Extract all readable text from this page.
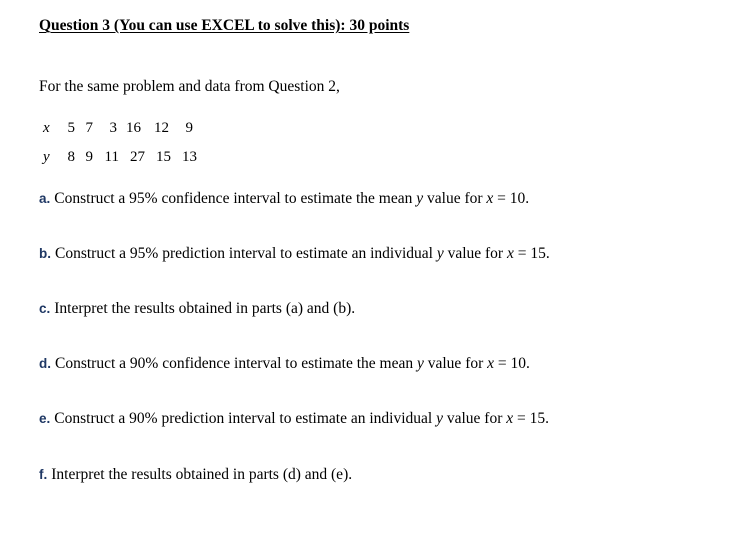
Question 3 (You can use EXCEL to solve this): 30 points
For the same problem and data from Question 2,
x	5 7	3 16 12	9
y	8 9 11 27 15 13
a. Construct a 95% confidence interval to estimate the mean y value for x = 10.
b. Construct a 95% prediction interval to estimate an individual y value for x = 15.
c. Interpret the results obtained in parts (a) and (b).
d. Construct a 90% confidence interval to estimate the mean y value for x = 10.
e. Construct a 90% prediction interval to estimate an individual y value for x = 15.
f. Interpret the results obtained in parts (d) and (e).
